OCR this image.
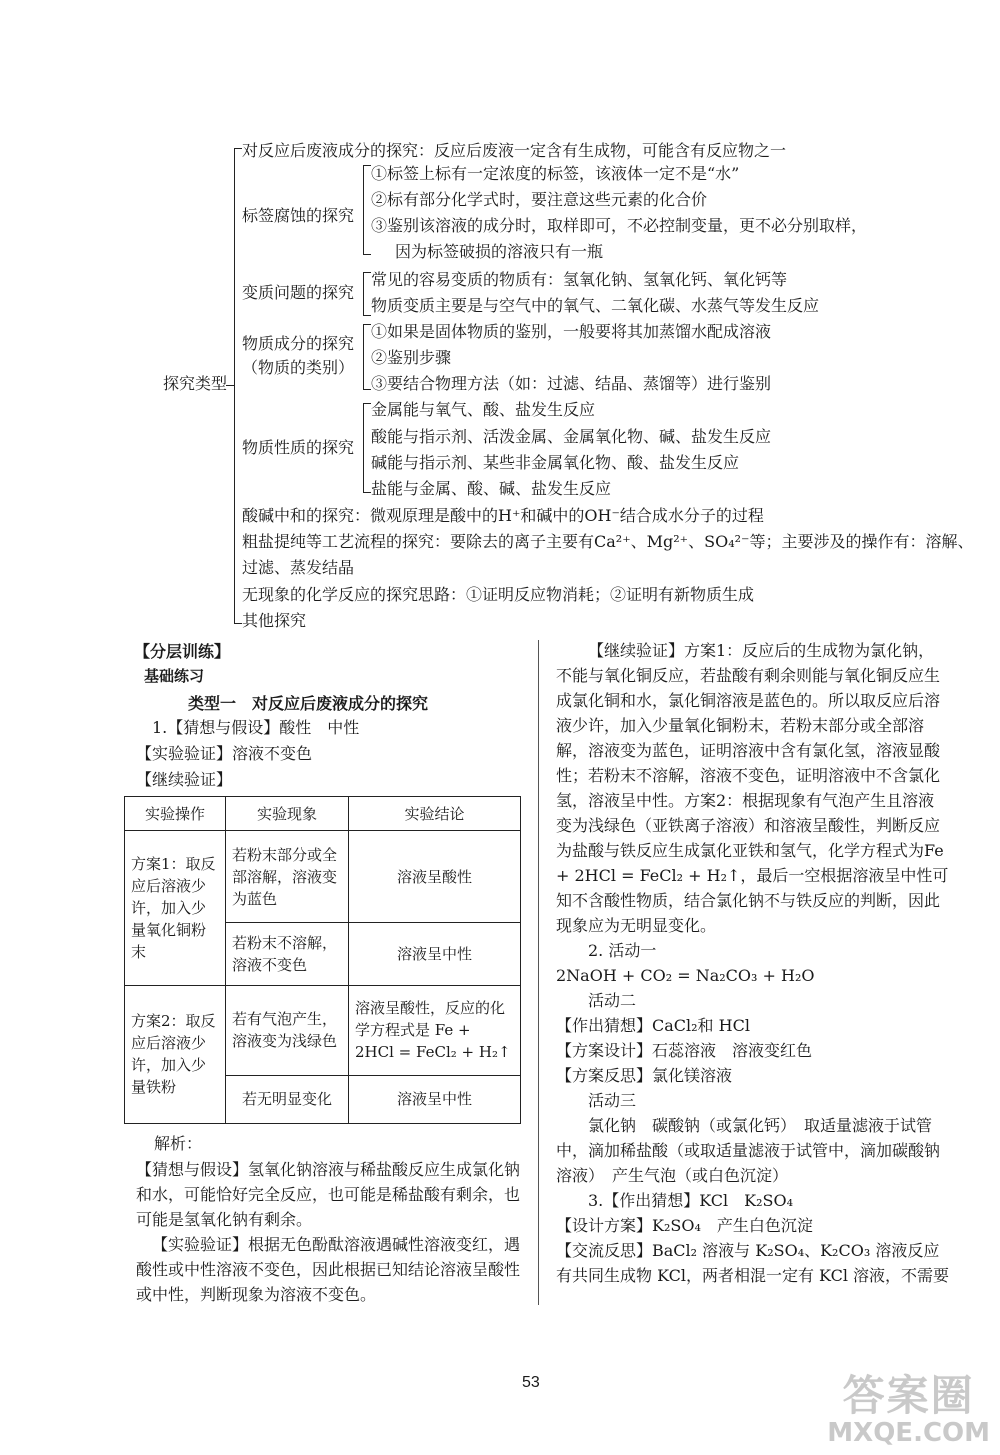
探究类型
对反应后废液成分的探究：反应后废液一定含有生成物，可能含有反应物之一
标签腐蚀的探究
①标签上标有一定浓度的标签，该液体一定不是“水”
②标有部分化学式时，要注意这些元素的化合价
③鉴别该溶液的成分时，取样即可，不必控制变量，更不必分别取样，
因为标签破损的溶液只有一瓶
变质问题的探究
常见的容易变质的物质有：氢氧化钠、氢氧化钙、氧化钙等
物质变质主要是与空气中的氧气、二氧化碳、水蒸气等发生反应
物质成分的探究
（物质的类别）
①如果是固体物质的鉴别，一般要将其加蒸馏水配成溶液
②鉴别步骤
③要结合物理方法（如：过滤、结晶、蒸馏等）进行鉴别
物质性质的探究
金属能与氧气、酸、盐发生反应
酸能与指示剂、活泼金属、金属氧化物、碱、盐发生反应
碱能与指示剂、某些非金属氧化物、酸、盐发生反应
盐能与金属、酸、碱、盐发生反应
酸碱中和的探究：微观原理是酸中的H⁺和碱中的OH⁻结合成水分子的过程
粗盐提纯等工艺流程的探究：要除去的离子主要有Ca²⁺、Mg²⁺、SO₄²⁻等；主要涉及的操作有：溶解、
过滤、蒸发结晶
无现象的化学反应的探究思路：①证明反应物消耗；②证明有新物质生成
其他探究
【分层训练】
基础练习
类型一　对反应后废液成分的探究
1.【猜想与假设】酸性　中性
【实验验证】溶液不变色
【继续验证】
实验操作	实验现象	实验结论
方案1：取反应后溶液少许，加入少量氧化铜粉末	若粉末部分或全部溶解，溶液变为蓝色	溶液呈酸性
	若粉末不溶解，溶液不变色	溶液呈中性
方案2：取反应后溶液少许，加入少量铁粉	若有气泡产生，溶液变为浅绿色	溶液呈酸性，反应的化学方程式是 Fe + 2HCl = FeCl₂ + H₂↑
	若无明显变化	溶液呈中性
解析：

【猜想与假设】氢氧化钠溶液与稀盐酸反应生成氯化钠和水，可能恰好完全反应，也可能是稀盐酸有剩余，也可能是氢氧化钠有剩余。

【实验验证】根据无色酚酞溶液遇碱性溶液变红，遇酸性或中性溶液不变色，因此根据已知结论溶液呈酸性或中性，判断现象为溶液不变色。

【继续验证】方案1：反应后的生成物为氯化钠，不能与氧化铜反应，若盐酸有剩余则能与氧化铜反应生成氯化铜和水，氯化铜溶液是蓝色的。所以取反应后溶液少许，加入少量氧化铜粉末，若粉末部分或全部溶解，溶液变为蓝色，证明溶液中含有氯化氢，溶液显酸性；若粉末不溶解，溶液不变色，证明溶液中不含氯化氢，溶液呈中性。方案2：根据现象有气泡产生且溶液变为浅绿色（亚铁离子溶液）和溶液呈酸性，判断反应为盐酸与铁反应生成氯化亚铁和氢气，化学方程式为Fe + 2HCl = FeCl₂ + H₂↑，最后一空根据溶液呈中性可知不含酸性物质，结合氯化钠不与铁反应的判断，因此现象应为无明显变化。

2. 活动一

2NaOH + CO₂ = Na₂CO₃ + H₂O

活动二

【作出猜想】CaCl₂和 HCl

【方案设计】石蕊溶液　溶液变红色

【方案反思】氯化镁溶液

活动三

氯化钠　碳酸钠（或氯化钙）　取适量滤液于试管中，滴加稀盐酸（或取适量滤液于试管中，滴加碳酸钠溶液）　产生气泡（或白色沉淀）

3.【作出猜想】KCl　K₂SO₄

【设计方案】K₂SO₄　产生白色沉淀

【交流反思】BaCl₂ 溶液与 K₂SO₄、K₂CO₃ 溶液反应有共同生成物 KCl，两者相混一定有 KCl 溶液，不需要

53	答案圈
MXQE.COM
